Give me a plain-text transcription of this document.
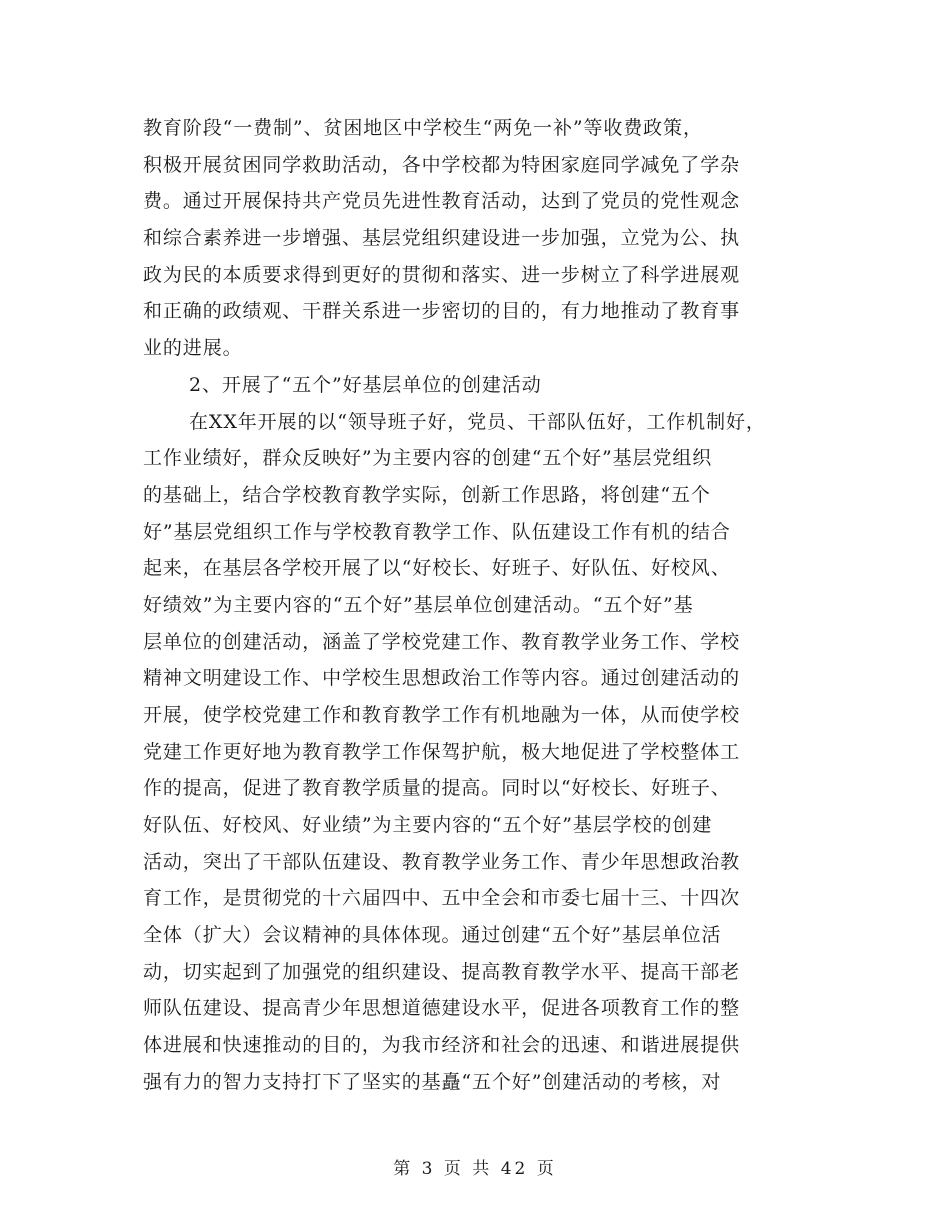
教育阶段“一费制”、贫困地区中学校生“两免一补”等收费政策，
积极开展贫困同学救助活动，各中学校都为特困家庭同学减免了学杂
费。通过开展保持共产党员先进性教育活动，达到了党员的党性观念
和综合素养进一步增强、基层党组织建设进一步加强，立党为公、执
政为民的本质要求得到更好的贯彻和落实、进一步树立了科学进展观
和正确的政绩观、干群关系进一步密切的目的，有力地推动了教育事
业的进展。
2、开展了“五个”好基层单位的创建活动
在XX年开展的以“领导班子好，党员、干部队伍好，工作机制好，
工作业绩好，群众反映好”为主要内容的创建“五个好”基层党组织
的基础上，结合学校教育教学实际，创新工作思路，将创建“五个
好”基层党组织工作与学校教育教学工作、队伍建设工作有机的结合
起来，在基层各学校开展了以“好校长、好班子、好队伍、好校风、
好绩效”为主要内容的“五个好”基层单位创建活动。“五个好”基
层单位的创建活动，涵盖了学校党建工作、教育教学业务工作、学校
精神文明建设工作、中学校生思想政治工作等内容。通过创建活动的
开展，使学校党建工作和教育教学工作有机地融为一体，从而使学校
党建工作更好地为教育教学工作保驾护航，极大地促进了学校整体工
作的提高，促进了教育教学质量的提高。同时以“好校长、好班子、
好队伍、好校风、好业绩”为主要内容的“五个好”基层学校的创建
活动，突出了干部队伍建设、教育教学业务工作、青少年思想政治教
育工作，是贯彻党的十六届四中、五中全会和市委七届十三、十四次
全体（扩大）会议精神的具体体现。通过创建“五个好”基层单位活
动，切实起到了加强党的组织建设、提高教育教学水平、提高干部老
师队伍建设、提高青少年思想道德建设水平，促进各项教育工作的整
体进展和快速推动的目的，为我市经济和社会的迅速、和谐进展提供
强有力的智力支持打下了坚实的基矗“五个好”创建活动的考核，对
第 3 页 共 42 页
